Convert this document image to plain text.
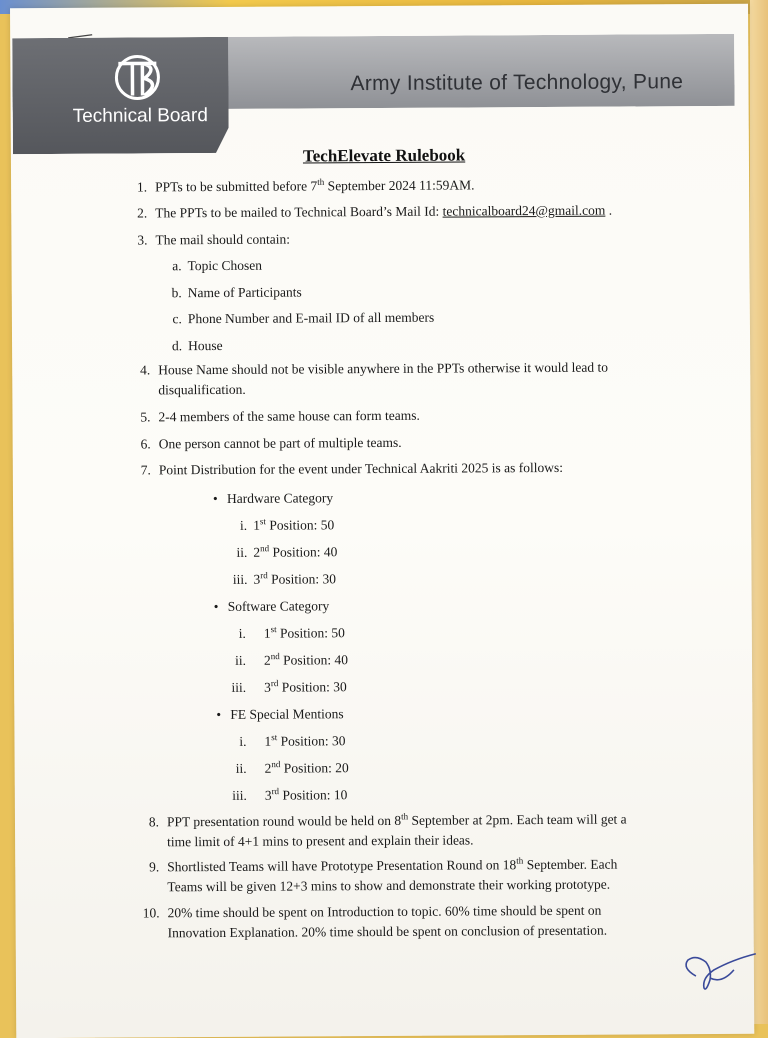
Technical Board
Army Institute of Technology, Pune
TechElevate Rulebook
1. PPTs to be submitted before 7th September 2024 11:59AM.
2. The PPTs to be mailed to Technical Board’s Mail Id: technicalboard24@gmail.com .
3. The mail should contain:
a. Topic Chosen
b. Name of Participants
c. Phone Number and E-mail ID of all members
d. House
4. House Name should not be visible anywhere in the PPTs otherwise it would lead to
disqualification.
5. 2-4 members of the same house can form teams.
6. One person cannot be part of multiple teams.
7. Point Distribution for the event under Technical Aakriti 2025 is as follows:
• Hardware Category
i. 1st Position: 50
ii. 2nd Position: 40
iii. 3rd Position: 30
• Software Category
i. 1st Position: 50
ii. 2nd Position: 40
iii. 3rd Position: 30
• FE Special Mentions
i. 1st Position: 30
ii. 2nd Position: 20
iii. 3rd Position: 10
8. PPT presentation round would be held on 8th September at 2pm. Each team will get a
time limit of 4+1 mins to present and explain their ideas.
9. Shortlisted Teams will have Prototype Presentation Round on 18th September. Each
Teams will be given 12+3 mins to show and demonstrate their working prototype.
10. 20% time should be spent on Introduction to topic. 60% time should be spent on
Innovation Explanation. 20% time should be spent on conclusion of presentation.
